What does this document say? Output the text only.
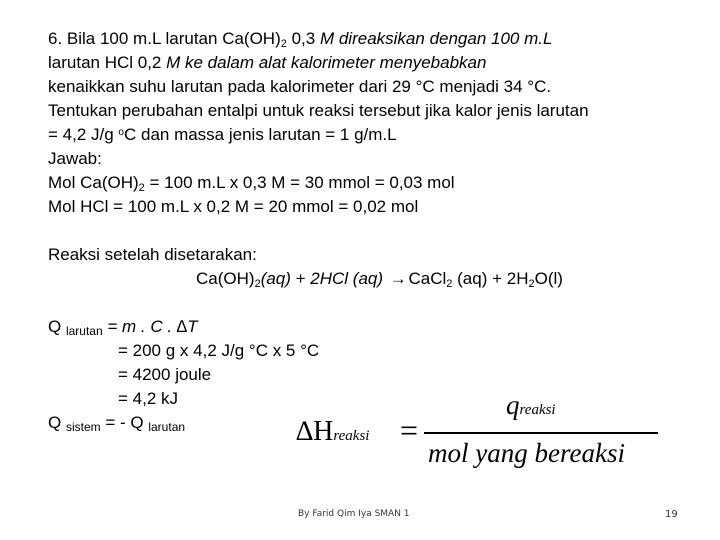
6. Bila 100 m.L larutan $Ca(OH)_2$ 0,3 M direaksikan dengan 100 m.L
larutan HCl 0,2 M ke dalam alat kalorimeter menyebabkan
kenaikkan suhu larutan pada kalorimeter dari 29 °C menjadi 34 °C.
Tentukan perubahan entalpi untuk reaksi tersebut jika kalor jenis larutan
= 4,2 J/g $^o$C dan massa jenis larutan = 1 g/m.L
Jawab:
Mol $Ca(OH)_2 = 100$ m.L x 0,3 M = 30 mmol = 0,03 mol
Mol HCl = 100 m.L x 0,2 M = 20 mmol = 0,02 mol
Reaksi setelah disetarakan:
$Ca(OH)_2(aq) + 2HCl$ (aq) → CaCl$_2$ $(aq) + 2H_2O(l)$
Q larutan = m . C . ∆T
= 200 g x 4,2 J/g °C x 5 °C
= 4200 joule
= 4,2 kJ
Q sistem = - Q larutan	∆Hreaksi =
qreaksi
mol yang bereaksi
By Farid Qim Iya SMAN 1	19
